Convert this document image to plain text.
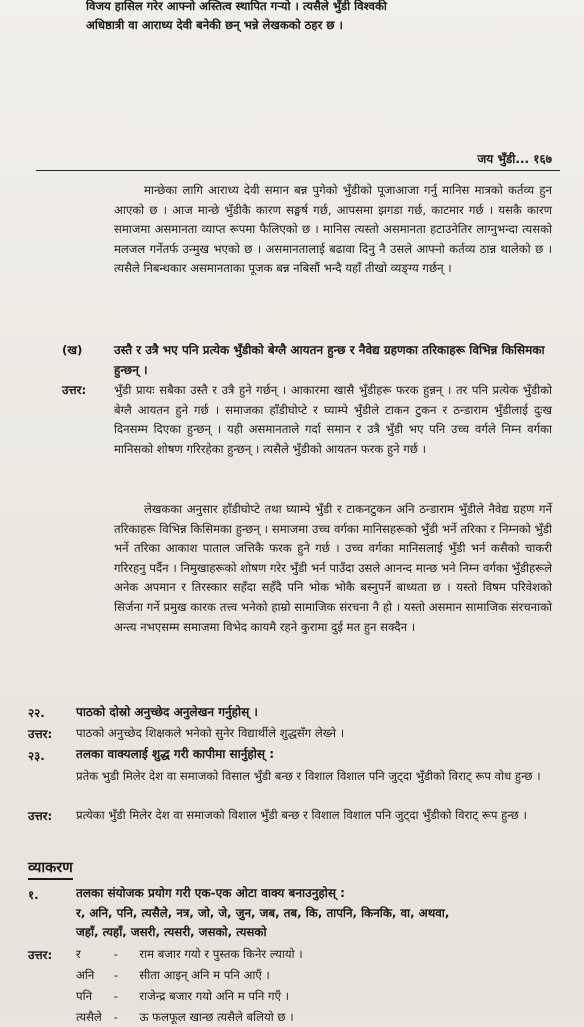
विजय हासिल गरेर आफ्नो अस्तित्व स्थापित गऱ्यो । त्यसैले भुँडी विश्वकी
अधिष्ठात्री वा आराध्य देवी बनेकी छन् भन्ने लेखकको ठहर छ ।
जय भुँडी... १६७
मान्छेका लागि आराध्य देवी समान बन्न पुगेको भुँडीको पूजाआजा गर्नु मानिस मात्रको कर्तव्य हुन आएको छ । आज मान्छे भुँडीकै कारण सङ्घर्ष गर्छ, आपसमा झगडा गर्छ, काटमार गर्छ । यसकै कारण समाजमा असमानता व्याप्त रूपमा फैलिएको छ । मानिस त्यस्तो असमानता हटाउनेतिर लाग्नुभन्दा त्यसको मलजल गर्नेतर्फ उन्मुख भएको छ । असमानतालाई बढावा दिनु नै उसले आफ्नो कर्तव्य ठान्न थालेको छ । त्यसैले निबन्धकार असमानताका पूजक बन्न नबिसौं भन्दै यहाँ तीखो व्यङ्ग्य गर्छन् ।
(ख)	उस्तै र उत्रै भए पनि प्रत्येक भुँडीको बेग्लै आयतन हुन्छ र नैवेद्य ग्रहणका तरिकाहरू विभिन्न किसिमका हुन्छन् ।
उत्तर: भुँडी प्रायः सबैका उस्तै र उत्रै हुने गर्छन् । आकारमा खासै भुँडीहरू फरक हुन्नन् । तर पनि प्रत्येक भुँडीको बेग्लै आयतन हुने गर्छ । समाजका हाँडीघोप्टे र घ्याम्पे भुँडीले टाकन टुकन र ठन्डाराम भुँडीलाई दुःख दिनसम्म दिएका हुन्छन् । यही असमानताले गर्दा समान र उत्रै भुँडी भए पनि उच्च वर्गले निम्न वर्गका मानिसको शोषण गरिरहेका हुन्छन् । त्यसैले भुँडीको आयतन फरक हुने गर्छ ।
लेखकका अनुसार हाँडीघोप्टे तथा घ्याम्पे भुँडी र टाकनटुकन अनि ठन्डाराम भुँडीले नैवेद्य ग्रहण गर्ने तरिकाहरू विभिन्न किसिमका हुन्छन् । समाजमा उच्च वर्गका मानिसहरूको भुँडी भर्ने तरिका र निम्नको भुँडी भर्ने तरिका आकाश पाताल जत्तिकै फरक हुने गर्छ । उच्च वर्गका मानिसलाई भुँडी भर्न कसैको चाकरी गरिरहनु पर्दैन । निमुखाहरूको शोषण गरेर भुँडी भर्न पाउँदा उसले आनन्द मान्छ भने निम्न वर्गका भुँडीहरूले अनेक अपमान र तिरस्कार सहँदा सहँदै पनि भोक भोकै बस्नुपर्ने बाध्यता छ । यस्तो विषम परिवेशको सिर्जना गर्ने प्रमुख कारक तत्त्व भनेको हाम्रो सामाजिक संरचना नै हो । यस्तो असमान सामाजिक संरचनाको अन्त्य नभएसम्म समाजमा विभेद कायमै रहने कुरामा दुई मत हुन सक्दैन ।
२२.	पाठको दोस्रो अनुच्छेद अनुलेखन गर्नुहोस् ।
उत्तर: पाठको अनुच्छेद शिक्षकले भनेको सुनेर विद्यार्थीले शुद्धसँग लेख्ने ।
२३.	तलका वाक्यलाई शुद्ध गरी कापीमा सार्नुहोस् :
प्रतेक भुडी मिलेर देश वा समाजको विसाल भुँडी बन्छ र विशाल विशाल पनि जुट्दा भुँडीको विराट् रूप वोध हुन्छ ।
उत्तर: प्रत्येका भुँडी मिलेर देश वा समाजको विशाल भुँडी बन्छ र विशाल विशाल पनि जुट्दा भुँडीको विराट् रूप हुन्छ ।
व्याकरण
१.	तलका संयोजक प्रयोग गरी एक-एक ओटा वाक्य बनाउनुहोस् :
र, अनि, पनि, त्यसैले, नत्र, जो, जे, जुन, जब, तब, कि, तापनि, किनकि, वा, अथवा,
जहाँ, त्यहाँ, जसरी, त्यसरी, जसको, त्यसको
उत्तर: र	- राम बजार गयो र पुस्तक किनेर ल्यायो ।
अनि - सीता आइन् अनि म पनि आएँ ।
पनि - राजेन्द्र बजार गयो अनि म पनि गएँ ।
त्यसैले - ऊ फलफूल खान्छ त्यसैले बलियो छ ।
